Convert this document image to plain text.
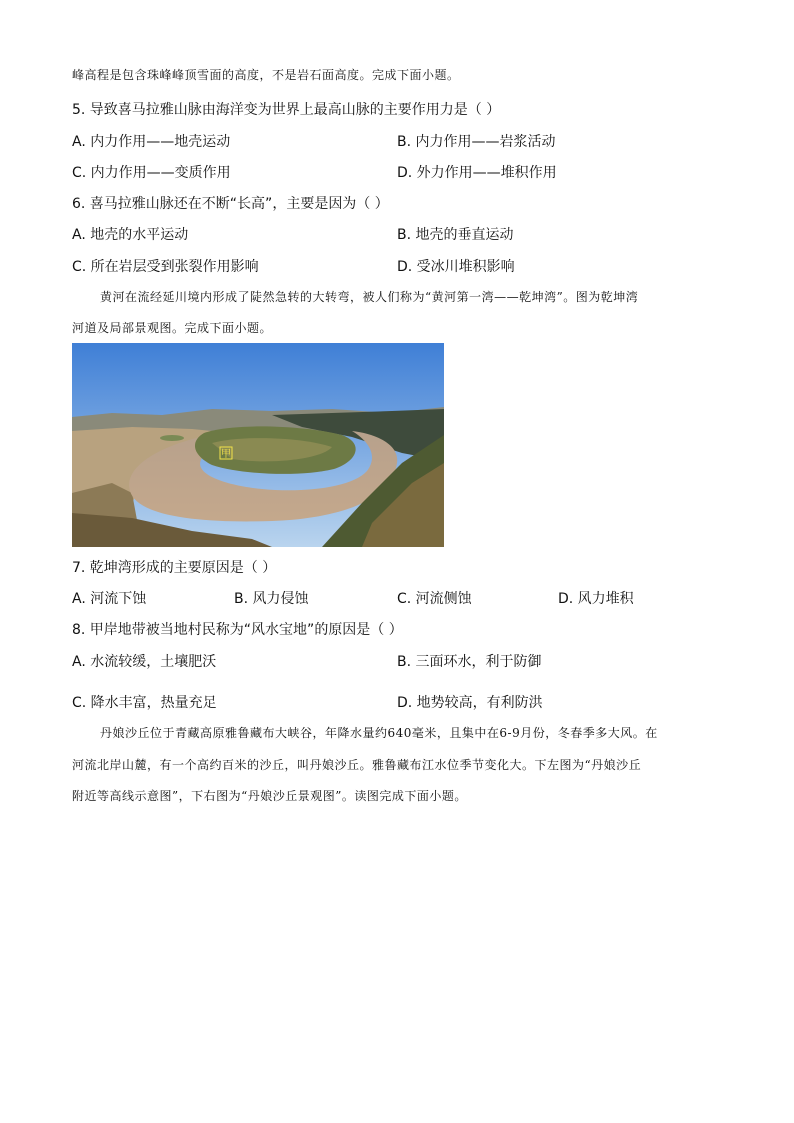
峰高程是包含珠峰峰顶雪面的高度，不是岩石面高度。完成下面小题。
5. 导致喜马拉雅山脉由海洋变为世界上最高山脉的主要作用力是（ ）
A. 内力作用——地壳运动	B. 内力作用——岩浆活动
C. 内力作用——变质作用	D. 外力作用——堆积作用
6. 喜马拉雅山脉还在不断“长高”，主要是因为（ ）
A. 地壳的水平运动	B. 地壳的垂直运动
C. 所在岩层受到张裂作用影响	D. 受冰川堆积影响
黄河在流经延川境内形成了陡然急转的大转弯，被人们称为“黄河第一湾——乾坤湾”。图为乾坤湾
河道及局部景观图。完成下面小题。
甲
7. 乾坤湾形成的主要原因是（ ）
A. 河流下蚀	B. 风力侵蚀	C. 河流侧蚀	D. 风力堆积
8. 甲岸地带被当地村民称为“风水宝地”的原因是（ ）
A. 水流较缓，土壤肥沃	B. 三面环水，利于防御
C. 降水丰富，热量充足	D. 地势较高，有利防洪
丹娘沙丘位于青藏高原雅鲁藏布大峡谷，年降水量约640毫米，且集中在6-9月份，冬春季多大风。在
河流北岸山麓，有一个高约百米的沙丘，叫丹娘沙丘。雅鲁藏布江水位季节变化大。下左图为“丹娘沙丘
附近等高线示意图”，下右图为“丹娘沙丘景观图”。读图完成下面小题。
